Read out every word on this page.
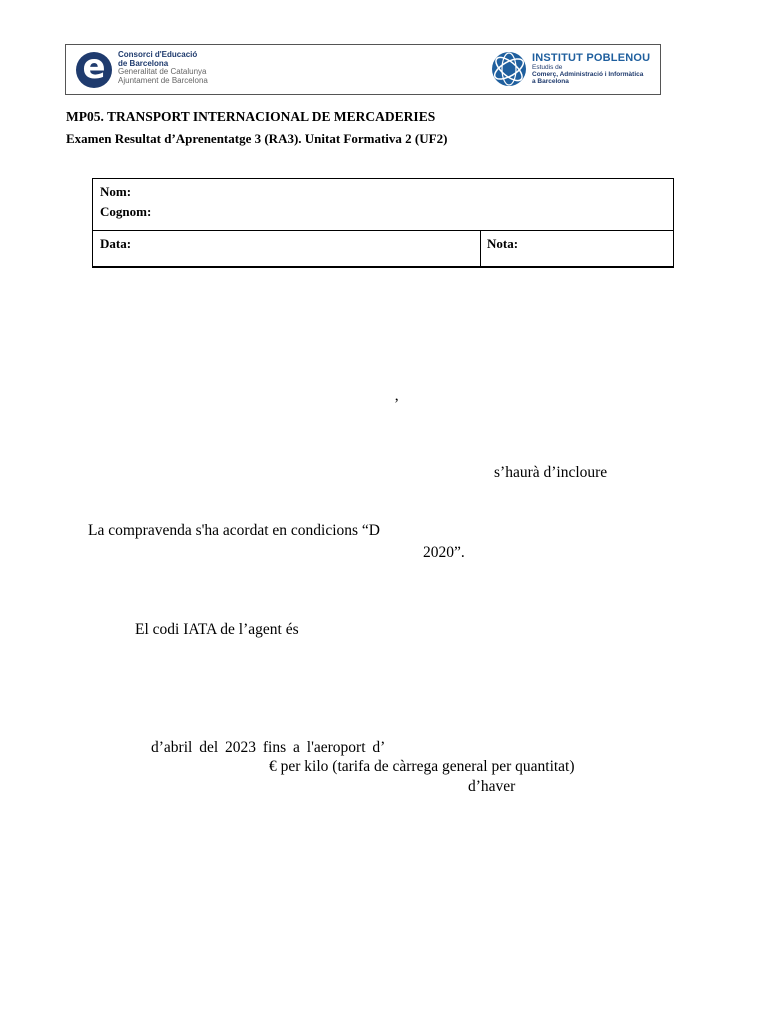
e	Consorci d'Educació
de Barcelona
Generalitat de Catalunya
Ajuntament de Barcelona
INSTITUT POBLENOU
Estudis de
Comerç, Administració i Informàtica
a Barcelona
MP05. TRANSPORT INTERNACIONAL DE MERCADERIES
Examen Resultat d’Aprenentatge 3 (RA3). Unitat Formativa 2 (UF2)
Nom:
Cognom:
Data:	Nota:
’
s’haurà d’incloure
La compravenda s'ha acordat en condicions “D
2020”.
El codi IATA de l’agent és
d’abril del 2023 fins a l'aeroport d’
€ per kilo (tarifa de càrrega general per quantitat)
d’haver
